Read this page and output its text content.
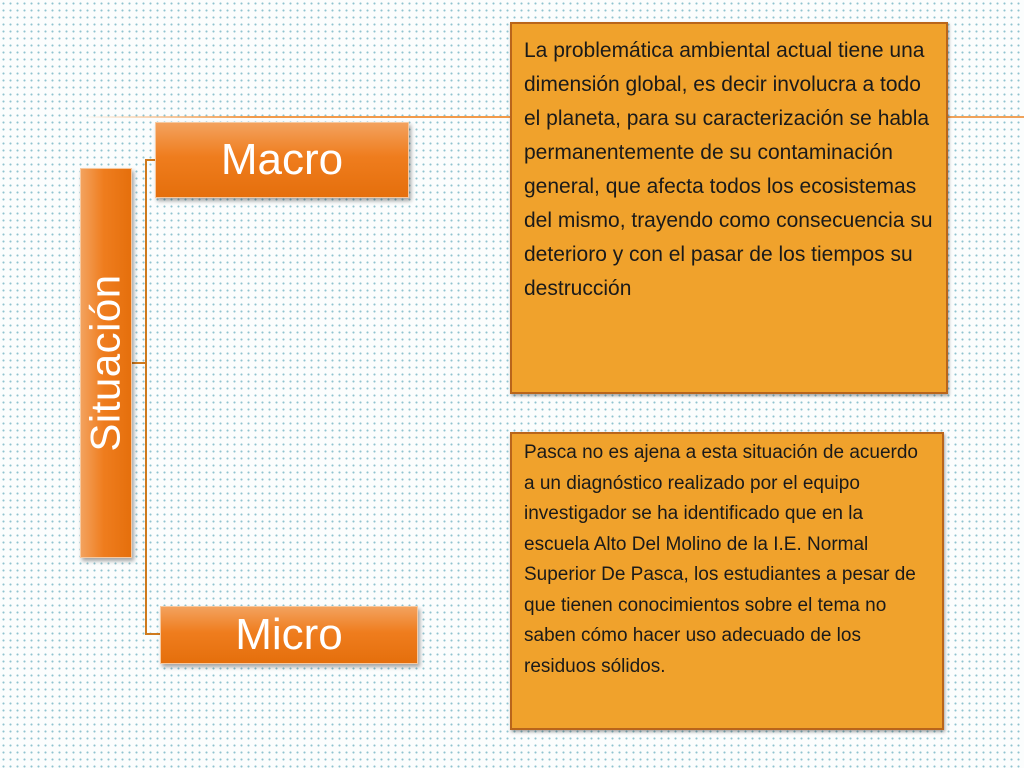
Situación
Macro
Micro
La problemática ambiental actual tiene una dimensión global, es decir involucra a todo el planeta, para su caracterización se habla permanentemente de su contaminación general, que afecta todos los ecosistemas del mismo, trayendo como consecuencia su deterioro y con el pasar de los tiempos su destrucción
Pasca no es ajena a esta situación de acuerdo a un diagnóstico realizado por el equipo investigador se ha identificado que en la escuela Alto Del Molino de la I.E. Normal Superior De Pasca, los estudiantes a pesar de que tienen conocimientos sobre el tema no saben cómo hacer uso adecuado de los residuos sólidos.
